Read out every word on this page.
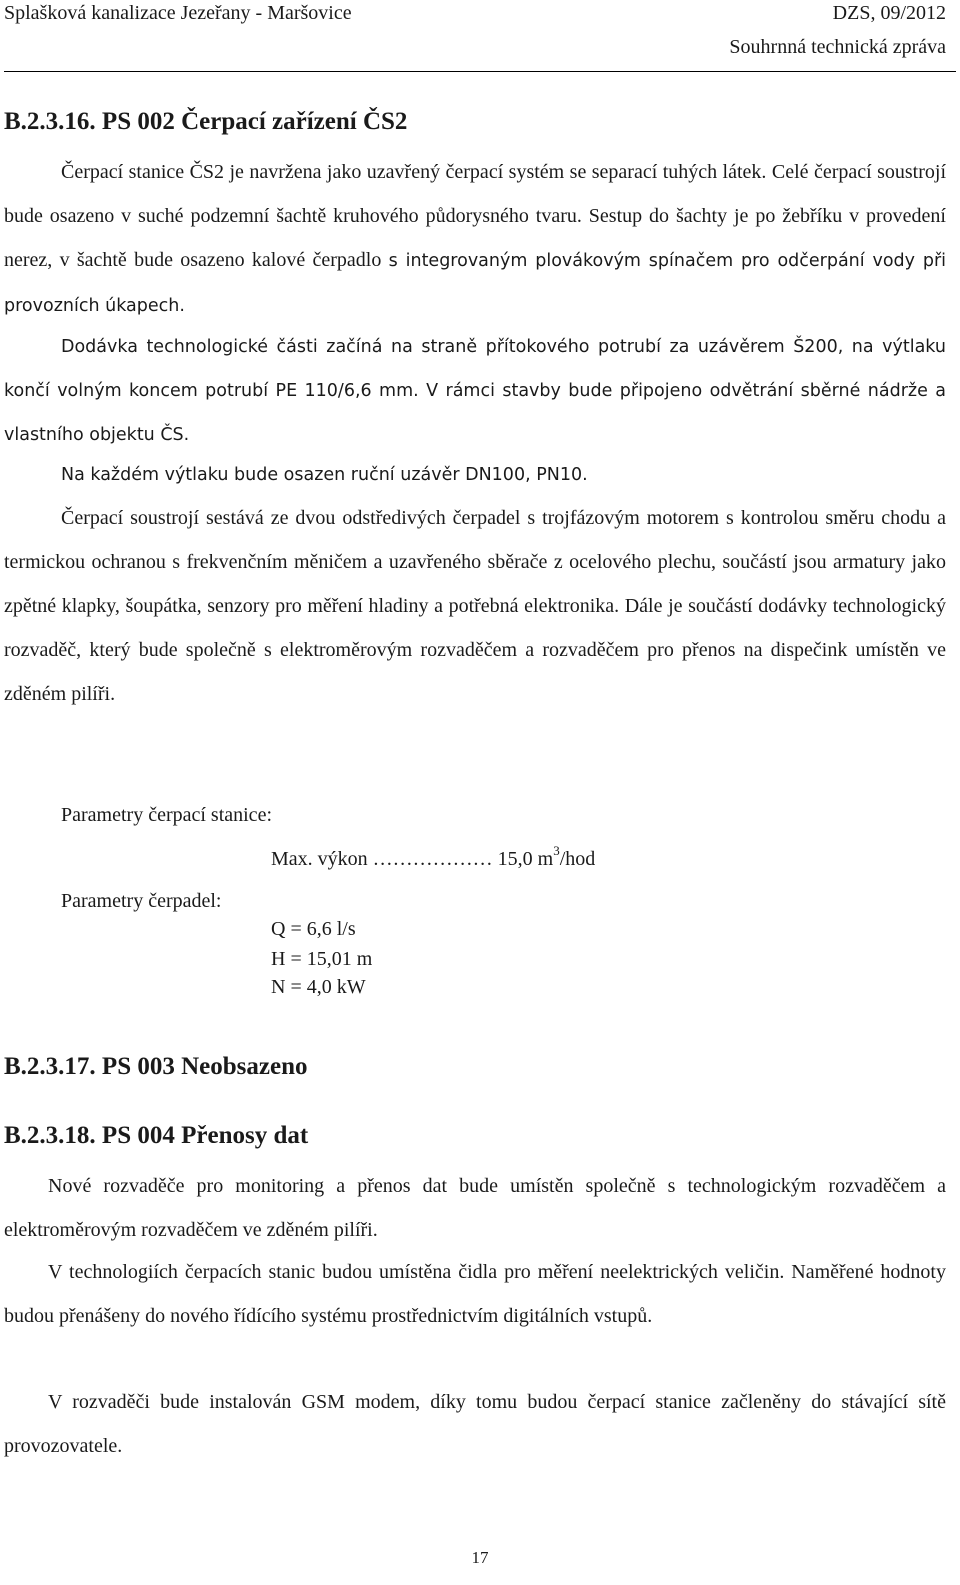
Splašková kanalizace Jezeřany - Maršovice	DZS, 09/2012
Souhrnná technická zpráva
B.2.3.16. PS 002 Čerpací zařízení ČS2

Čerpací stanice ČS2 je navržena jako uzavřený čerpací systém se separací tuhých látek. Celé čerpací soustrojí bude osazeno v suché podzemní šachtě kruhového půdorysného tvaru. Sestup do šachty je po žebříku v provedení nerez, v šachtě bude osazeno kalové čerpadlo s integrovaným plovákovým spínačem pro odčerpání vody při provozních úkapech.

Dodávka technologické části začíná na straně přítokového potrubí za uzávěrem Š200, na výtlaku končí volným koncem potrubí PE 110/6,6 mm. V rámci stavby bude připojeno odvětrání sběrné nádrže a vlastního objektu ČS.

Na každém výtlaku bude osazen ruční uzávěr DN100, PN10.

Čerpací soustrojí sestává ze dvou odstředivých čerpadel s trojfázovým motorem s kontrolou směru chodu a termickou ochranou s frekvenčním měničem a uzavřeného sběrače z ocelového plechu, součástí jsou armatury jako zpětné klapky, šoupátka, senzory pro měření hladiny a potřebná elektronika. Dále je součástí dodávky technologický rozvaděč, který bude společně s elektroměrovým rozvaděčem a rozvaděčem pro přenos na dispečink umístěn ve zděném pilíři.

Parametry čerpací stanice:
Max. výkon ……………… 15,0 $m^3$/hod
Parametry čerpadel:
Q = 6,6 l/s
H = 15,01 m
N = 4,0 kW
B.2.3.17. PS 003 Neobsazeno
B.2.3.18. PS 004 Přenosy dat

Nové rozvaděče pro monitoring a přenos dat bude umístěn společně s technologickým rozvaděčem a elektroměrovým rozvaděčem ve zděném pilíři.

V technologiích čerpacích stanic budou umístěna čidla pro měření neelektrických veličin. Naměřené hodnoty budou přenášeny do nového řídícího systému prostřednictvím digitálních vstupů.

V rozvaděči bude instalován GSM modem, díky tomu budou čerpací stanice začleněny do stávající sítě provozovatele.

17
